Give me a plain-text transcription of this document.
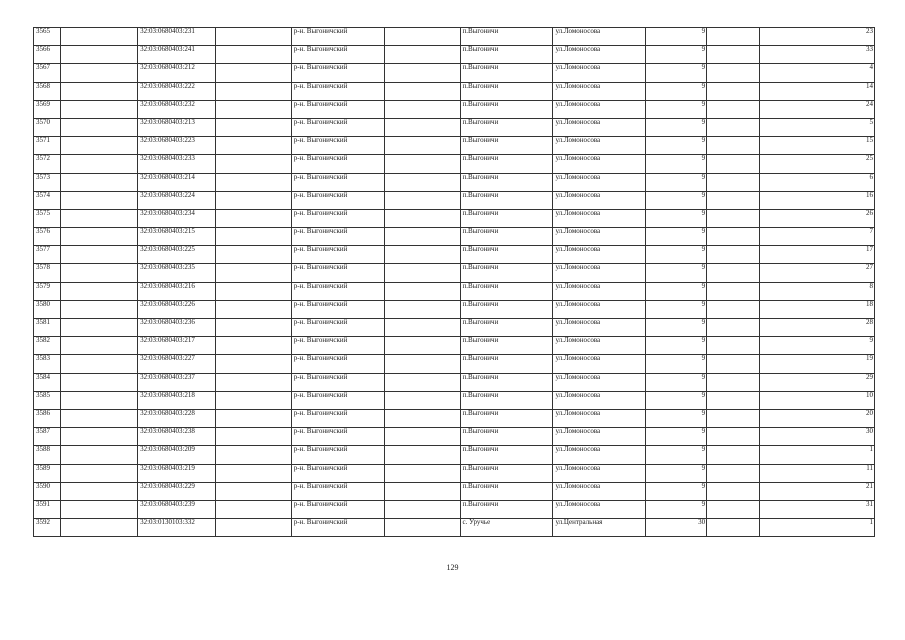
3565		32:03:0680403:231		р-н. Выгоничский		п.Выгоничи	ул.Ломоносова	9		23
3566		32:03:0680403:241		р-н. Выгоничский		п.Выгоничи	ул.Ломоносова	9		33
3567		32:03:0680403:212		р-н. Выгоничский		п.Выгоничи	ул.Ломоносова	9		4
3568		32:03:0680403:222		р-н. Выгоничский		п.Выгоничи	ул.Ломоносова	9		14
3569		32:03:0680403:232		р-н. Выгоничский		п.Выгоничи	ул.Ломоносова	9		24
3570		32:03:0680403:213		р-н. Выгоничский		п.Выгоничи	ул.Ломоносова	9		5
3571		32:03:0680403:223		р-н. Выгоничский		п.Выгоничи	ул.Ломоносова	9		15
3572		32:03:0680403:233		р-н. Выгоничский		п.Выгоничи	ул.Ломоносова	9		25
3573		32:03:0680403:214		р-н. Выгоничский		п.Выгоничи	ул.Ломоносова	9		6
3574		32:03:0680403:224		р-н. Выгоничский		п.Выгоничи	ул.Ломоносова	9		16
3575		32:03:0680403:234		р-н. Выгоничский		п.Выгоничи	ул.Ломоносова	9		26
3576		32:03:0680403:215		р-н. Выгоничский		п.Выгоничи	ул.Ломоносова	9		7
3577		32:03:0680403:225		р-н. Выгоничский		п.Выгоничи	ул.Ломоносова	9		17
3578		32:03:0680403:235		р-н. Выгоничский		п.Выгоничи	ул.Ломоносова	9		27
3579		32:03:0680403:216		р-н. Выгоничский		п.Выгоничи	ул.Ломоносова	9		8
3580		32:03:0680403:226		р-н. Выгоничский		п.Выгоничи	ул.Ломоносова	9		18
3581		32:03:0680403:236		р-н. Выгоничский		п.Выгоничи	ул.Ломоносова	9		28
3582		32:03:0680403:217		р-н. Выгоничский		п.Выгоничи	ул.Ломоносова	9		9
3583		32:03:0680403:227		р-н. Выгоничский		п.Выгоничи	ул.Ломоносова	9		19
3584		32:03:0680403:237		р-н. Выгоничский		п.Выгоничи	ул.Ломоносова	9		29
3585		32:03:0680403:218		р-н. Выгоничский		п.Выгоничи	ул.Ломоносова	9		10
3586		32:03:0680403:228		р-н. Выгоничский		п.Выгоничи	ул.Ломоносова	9		20
3587		32:03:0680403:238		р-н. Выгоничский		п.Выгоничи	ул.Ломоносова	9		30
3588		32:03:0680403:209		р-н. Выгоничский		п.Выгоничи	ул.Ломоносова	9		1
3589		32:03:0680403:219		р-н. Выгоничский		п.Выгоничи	ул.Ломоносова	9		11
3590		32:03:0680403:229		р-н. Выгоничский		п.Выгоничи	ул.Ломоносова	9		21
3591		32:03:0680403:239		р-н. Выгоничский		п.Выгоничи	ул.Ломоносова	9		31
3592		32:03:0130103:332		р-н. Выгоничский		с. Уручье	ул.Центральная	30		1
129
